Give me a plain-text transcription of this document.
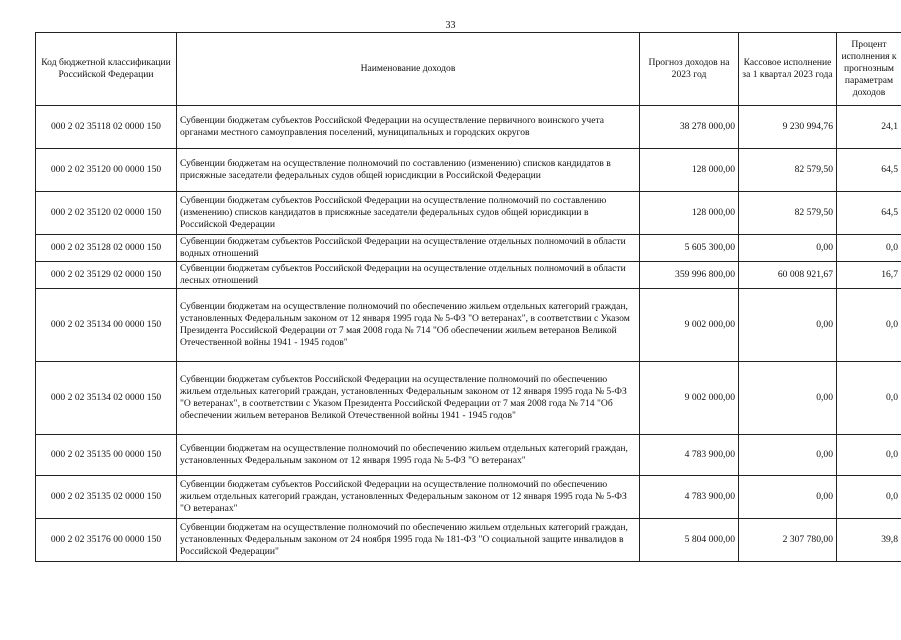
33
Код бюджетной классификации Российской Федерации	Наименование доходов	Прогноз доходов на 2023 год	Кассовое исполнение за 1 квартал 2023 года	Процент исполнения к прогнозным параметрам доходов
000 2 02 35118 02 0000 150	Субвенции бюджетам субъектов Российской Федерации на осуществление первичного воинского учета органами местного самоуправления поселений, муниципальных и городских округов	38 278 000,00	9 230 994,76	24,1
000 2 02 35120 00 0000 150	Субвенции бюджетам на осуществление полномочий по составлению (изменению) списков кандидатов в присяжные заседатели федеральных судов общей юрисдикции в Российской Федерации	128 000,00	82 579,50	64,5
000 2 02 35120 02 0000 150	Субвенции бюджетам субъектов Российской Федерации на осуществление полномочий по составлению (изменению) списков кандидатов в присяжные заседатели федеральных судов общей юрисдикции в Российской Федерации	128 000,00	82 579,50	64,5
000 2 02 35128 02 0000 150	Субвенции бюджетам субъектов Российской Федерации на осуществление отдельных полномочий в области водных отношений	5 605 300,00	0,00	0,0
000 2 02 35129 02 0000 150	Субвенции бюджетам субъектов Российской Федерации на осуществление отдельных полномочий в области лесных отношений	359 996 800,00	60 008 921,67	16,7
000 2 02 35134 00 0000 150	Субвенции бюджетам на осуществление полномочий по обеспечению жильем отдельных категорий граждан, установленных Федеральным законом от 12 января 1995 года № 5-ФЗ "О ветеранах", в соответствии с Указом Президента Российской Федерации от 7 мая 2008 года № 714 "Об обеспечении жильем ветеранов Великой Отечественной войны 1941 - 1945 годов"	9 002 000,00	0,00	0,0
000 2 02 35134 02 0000 150	Субвенции бюджетам субъектов Российской Федерации на осуществление полномочий по обеспечению жильем отдельных категорий граждан, установленных Федеральным законом от 12 января 1995 года № 5-ФЗ "О ветеранах", в соответствии с Указом Президента Российской Федерации от 7 мая 2008 года № 714 "Об обеспечении жильем ветеранов Великой Отечественной войны 1941 - 1945 годов"	9 002 000,00	0,00	0,0
000 2 02 35135 00 0000 150	Субвенции бюджетам на осуществление полномочий по обеспечению жильем отдельных категорий граждан, установленных Федеральным законом от 12 января 1995 года № 5-ФЗ "О ветеранах"	4 783 900,00	0,00	0,0
000 2 02 35135 02 0000 150	Субвенции бюджетам субъектов Российской Федерации на осуществление полномочий по обеспечению жильем отдельных категорий граждан, установленных Федеральным законом от 12 января 1995 года № 5-ФЗ "О ветеранах"	4 783 900,00	0,00	0,0
000 2 02 35176 00 0000 150	Субвенции бюджетам на осуществление полномочий по обеспечению жильем отдельных категорий граждан, установленных Федеральным законом от 24 ноября 1995 года № 181-ФЗ "О социальной защите инвалидов в Российской Федерации"	5 804 000,00	2 307 780,00	39,8
